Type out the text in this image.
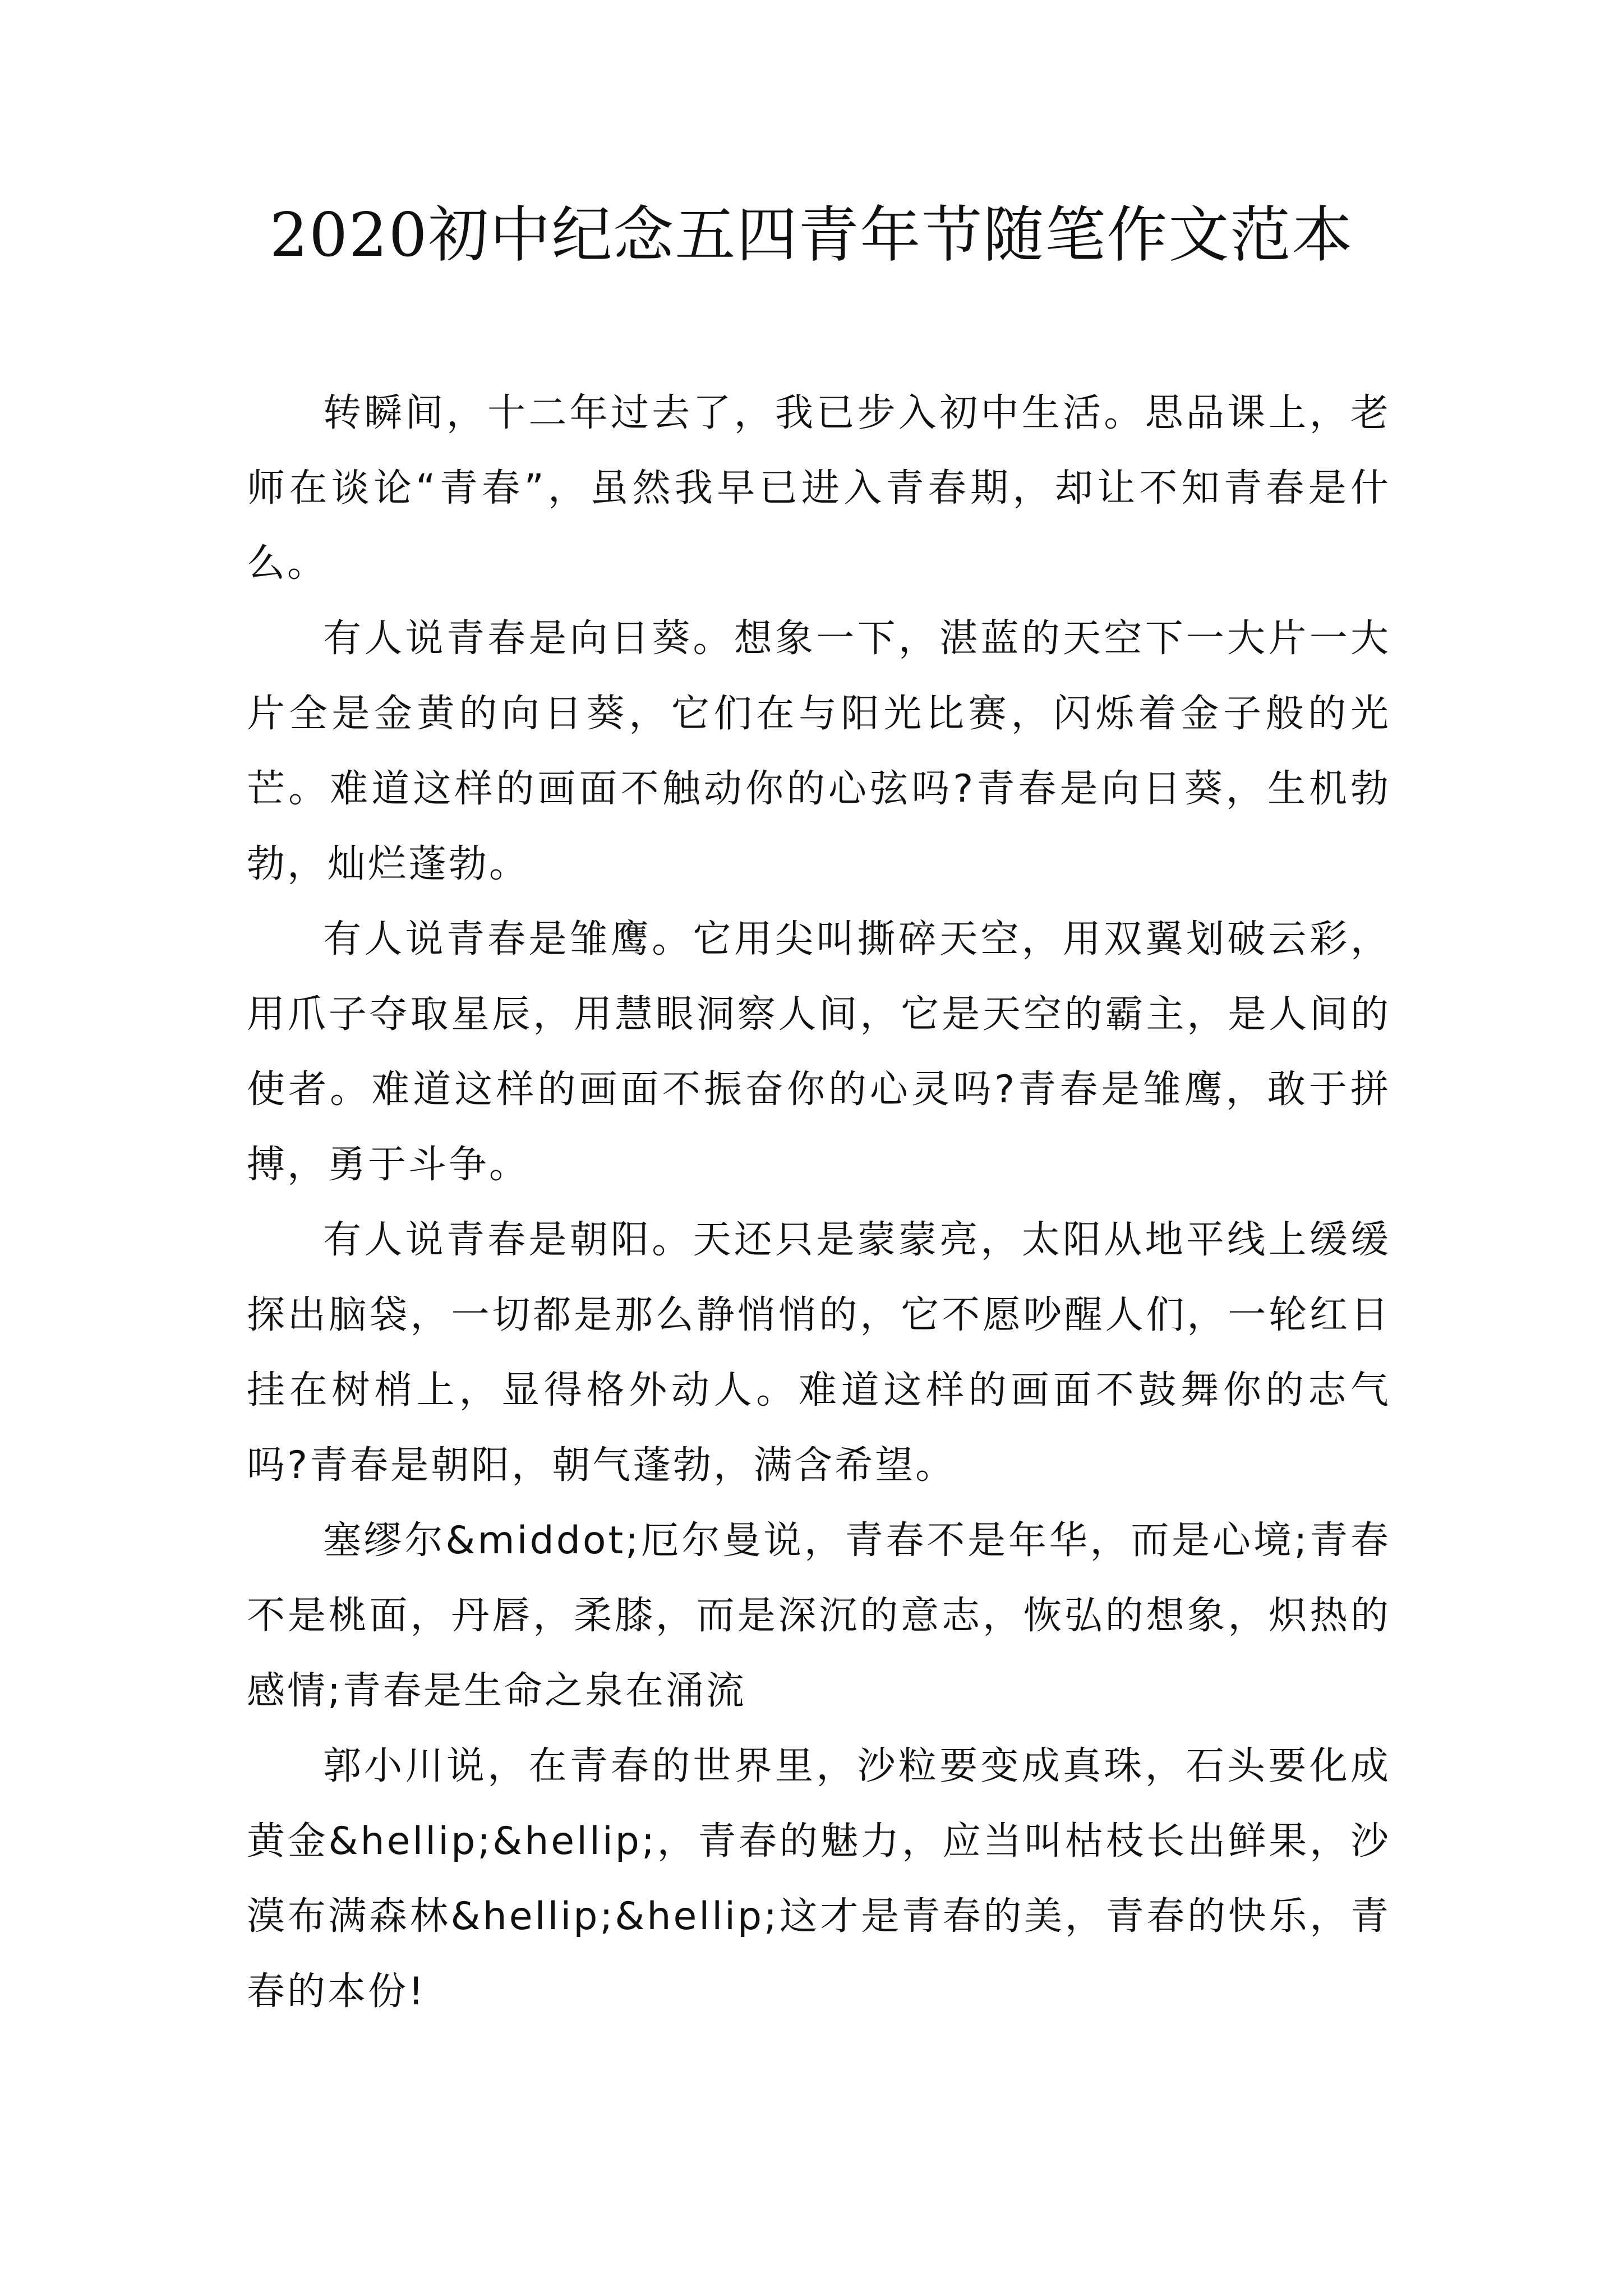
2020初中纪念五四青年节随笔作文范本

转瞬间，十二年过去了，我已步入初中生活。思品课上，老师在谈论“青春”，虽然我早已进入青春期，却让不知青春是什么。

有人说青春是向日葵。想象一下，湛蓝的天空下一大片一大片全是金黄的向日葵，它们在与阳光比赛，闪烁着金子般的光芒。难道这样的画面不触动你的心弦吗?青春是向日葵，生机勃勃，灿烂蓬勃。

有人说青春是雏鹰。它用尖叫撕碎天空，用双翼划破云彩，用爪子夺取星辰，用慧眼洞察人间，它是天空的霸主，是人间的使者。难道这样的画面不振奋你的心灵吗?青春是雏鹰，敢于拼搏，勇于斗争。

有人说青春是朝阳。天还只是蒙蒙亮，太阳从地平线上缓缓探出脑袋，一切都是那么静悄悄的，它不愿吵醒人们，一轮红日挂在树梢上，显得格外动人。难道这样的画面不鼓舞你的志气吗?青春是朝阳，朝气蓬勃，满含希望。

塞缪尔&middot;厄尔曼说，青春不是年华，而是心境;青春不是桃面，丹唇，柔膝，而是深沉的意志，恢弘的想象，炽热的感情;青春是生命之泉在涌流

郭小川说，在青春的世界里，沙粒要变成真珠，石头要化成黄金&hellip;&hellip;，青春的魅力，应当叫枯枝长出鲜果，沙漠布满森林&hellip;&hellip;这才是青春的美，青春的快乐，青春的本份!
